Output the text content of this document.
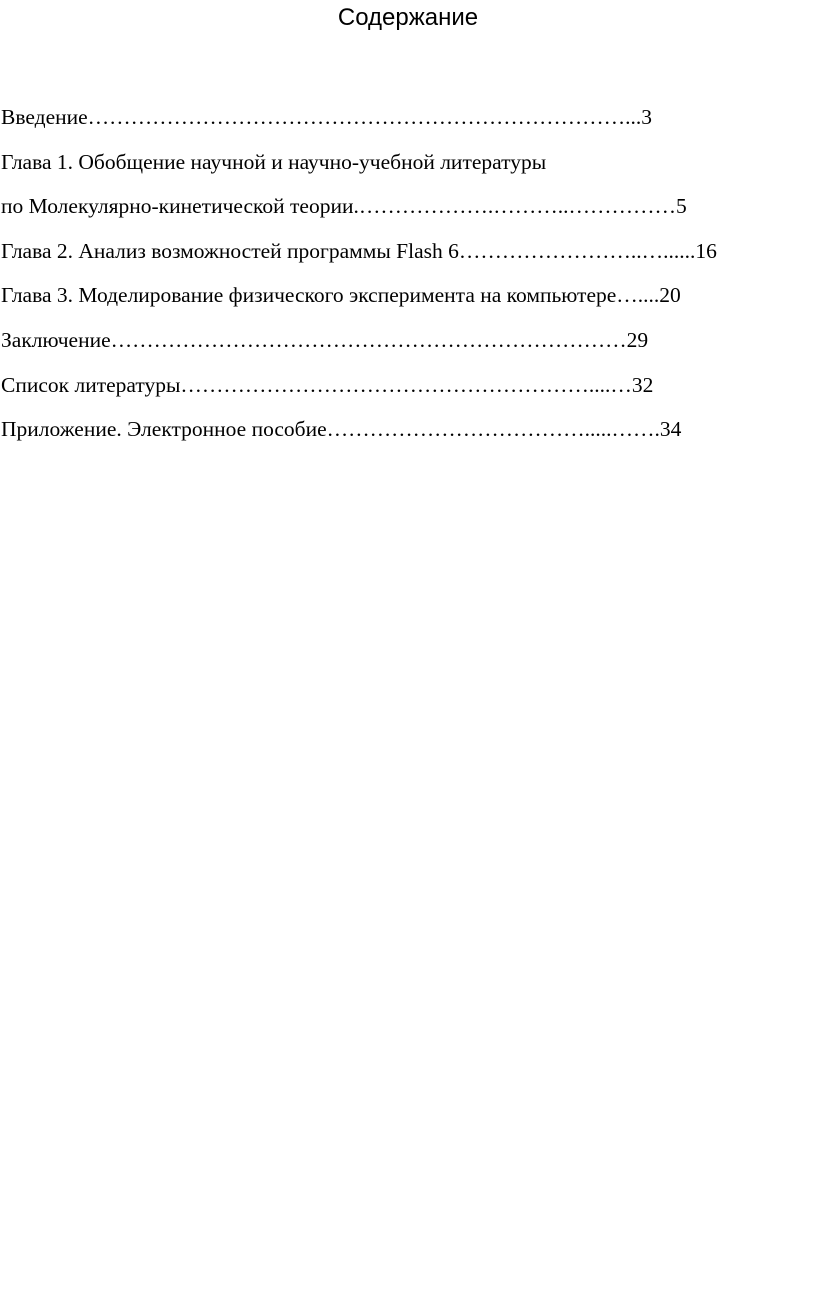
Содержание
Введение…………………………………………………………………...3
Глава 1. Обобщение научной и научно-учебной литературы
по Молекулярно-кинетической теории.……………….………..……………5
Глава 2. Анализ возможностей программы Flash 6……………………..…......16
Глава 3. Моделирование физического эксперимента на компьютере…....20
Заключение………………………………………………………………29
Список литературы…………………………………………………....…32
Приложение. Электронное пособие……………………………….....…….34
